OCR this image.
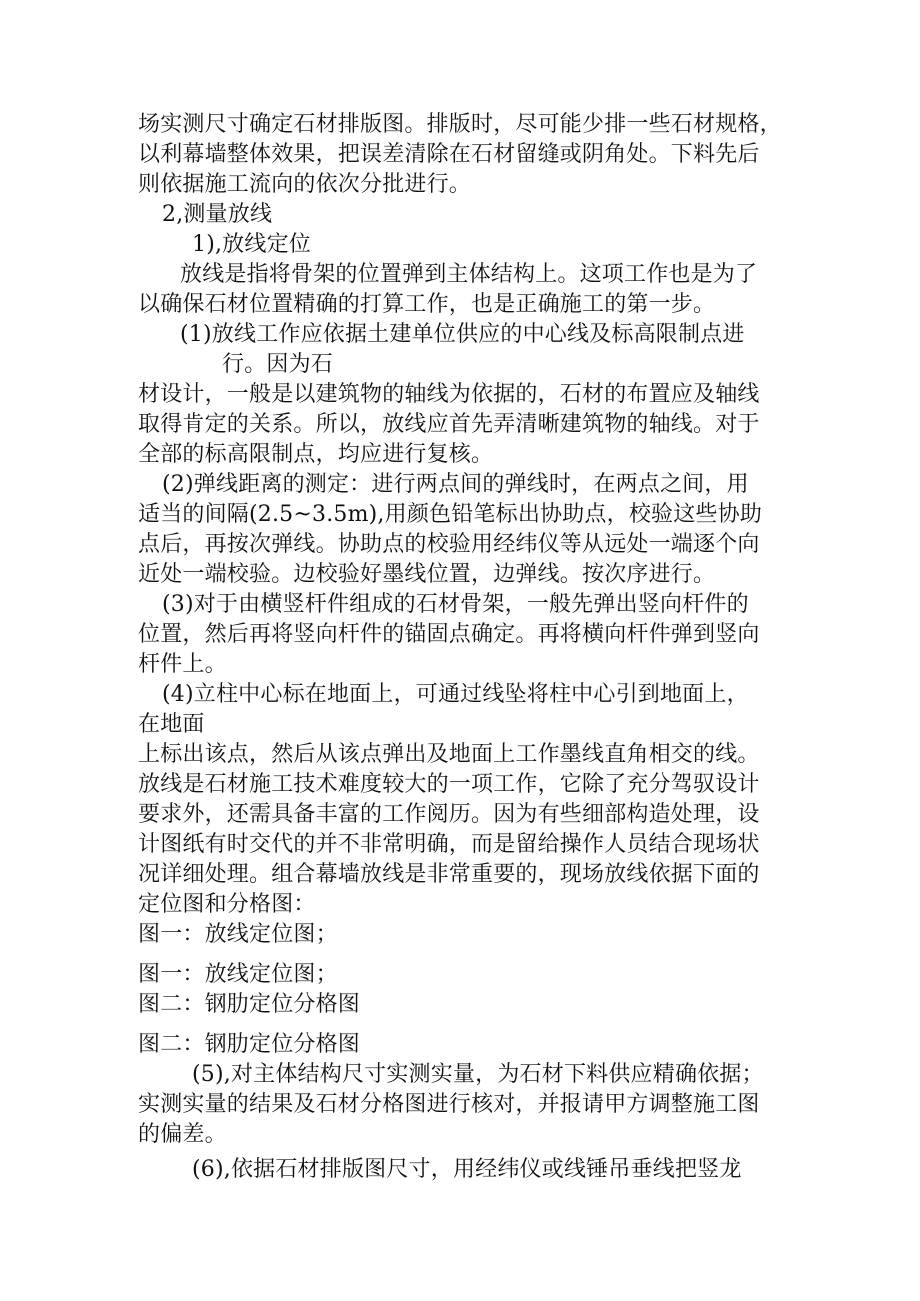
场实测尺寸确定石材排版图。排版时，尽可能少排一些石材规格，
以利幕墙整体效果，把误差清除在石材留缝或阴角处。下料先后
则依据施工流向的依次分批进行。
2,测量放线
1),放线定位
放线是指将骨架的位置弹到主体结构上。这项工作也是为了
以确保石材位置精确的打算工作，也是正确施工的第一步。
(1)放线工作应依据土建单位供应的中心线及标高限制点进
行。因为石
材设计，一般是以建筑物的轴线为依据的，石材的布置应及轴线
取得肯定的关系。所以，放线应首先弄清晰建筑物的轴线。对于
全部的标高限制点，均应进行复核。
(2)弹线距离的测定：进行两点间的弹线时，在两点之间，用
适当的间隔(2.5~3.5m),用颜色铅笔标出协助点，校验这些协助
点后，再按次弹线。协助点的校验用经纬仪等从远处一端逐个向
近处一端校验。边校验好墨线位置，边弹线。按次序进行。
(3)对于由横竖杆件组成的石材骨架，一般先弹出竖向杆件的
位置，然后再将竖向杆件的锚固点确定。再将横向杆件弹到竖向
杆件上。
(4)立柱中心标在地面上，可通过线坠将柱中心引到地面上，
在地面
上标出该点，然后从该点弹出及地面上工作墨线直角相交的线。
放线是石材施工技术难度较大的一项工作，它除了充分驾驭设计
要求外，还需具备丰富的工作阅历。因为有些细部构造处理，设
计图纸有时交代的并不非常明确，而是留给操作人员结合现场状
况详细处理。组合幕墙放线是非常重要的，现场放线依据下面的
定位图和分格图：
图一：放线定位图；
图一：放线定位图；
图二：钢肋定位分格图
图二：钢肋定位分格图
(5),对主体结构尺寸实测实量，为石材下料供应精确依据；
实测实量的结果及石材分格图进行核对，并报请甲方调整施工图
的偏差。
(6),依据石材排版图尺寸，用经纬仪或线锤吊垂线把竖龙
